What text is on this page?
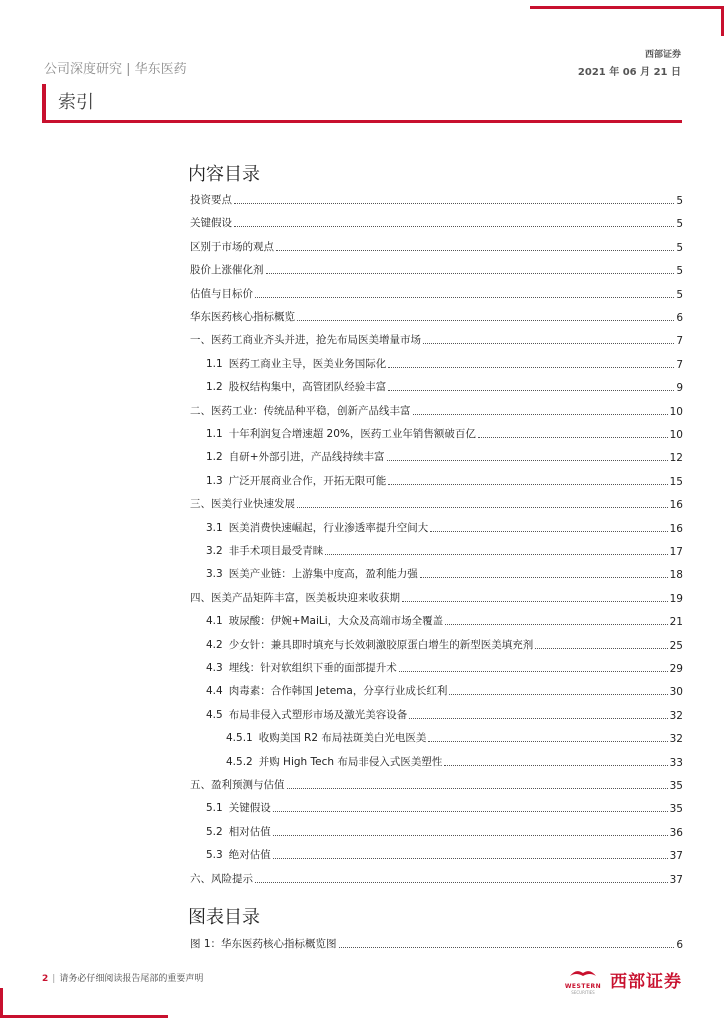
公司深度研究 | 华东医药
西部证券
2021 年 06 月 21 日
索引
内容目录
投资要点	5
关键假设	5
区别于市场的观点	5
股价上涨催化剂	5
估值与目标价	5
华东医药核心指标概览	6
一、医药工商业齐头并进，抢先布局医美增量市场	7
1.1 医药工商业主导，医美业务国际化	7
1.2 股权结构集中，高管团队经验丰富	9
二、医药工业：传统品种平稳，创新产品线丰富	10
1.1 十年利润复合增速超 20%，医药工业年销售额破百亿	10
1.2 自研+外部引进，产品线持续丰富	12
1.3 广泛开展商业合作，开拓无限可能	15
三、医美行业快速发展	16
3.1 医美消费快速崛起，行业渗透率提升空间大	16
3.2 非手术项目最受青睐	17
3.3 医美产业链：上游集中度高，盈利能力强	18
四、医美产品矩阵丰富，医美板块迎来收获期	19
4.1 玻尿酸：伊婉+MaiLi，大众及高端市场全覆盖	21
4.2 少女针：兼具即时填充与长效刺激胶原蛋白增生的新型医美填充剂	25
4.3 埋线：针对软组织下垂的面部提升术	29
4.4 肉毒素：合作韩国 Jetema，分享行业成长红利	30
4.5 布局非侵入式塑形市场及激光美容设备	32
4.5.1 收购美国 R2 布局祛斑美白光电医美	32
4.5.2 并购 High Tech 布局非侵入式医美塑性	33
五、盈利预测与估值	35
5.1 关键假设	35
5.2 相对估值	36
5.3 绝对估值	37
六、风险提示	37
图表目录
图 1：华东医药核心指标概览图	6
2 | 请务必仔细阅读报告尾部的重要声明
WESTERN
SECURITIES
西部证券
